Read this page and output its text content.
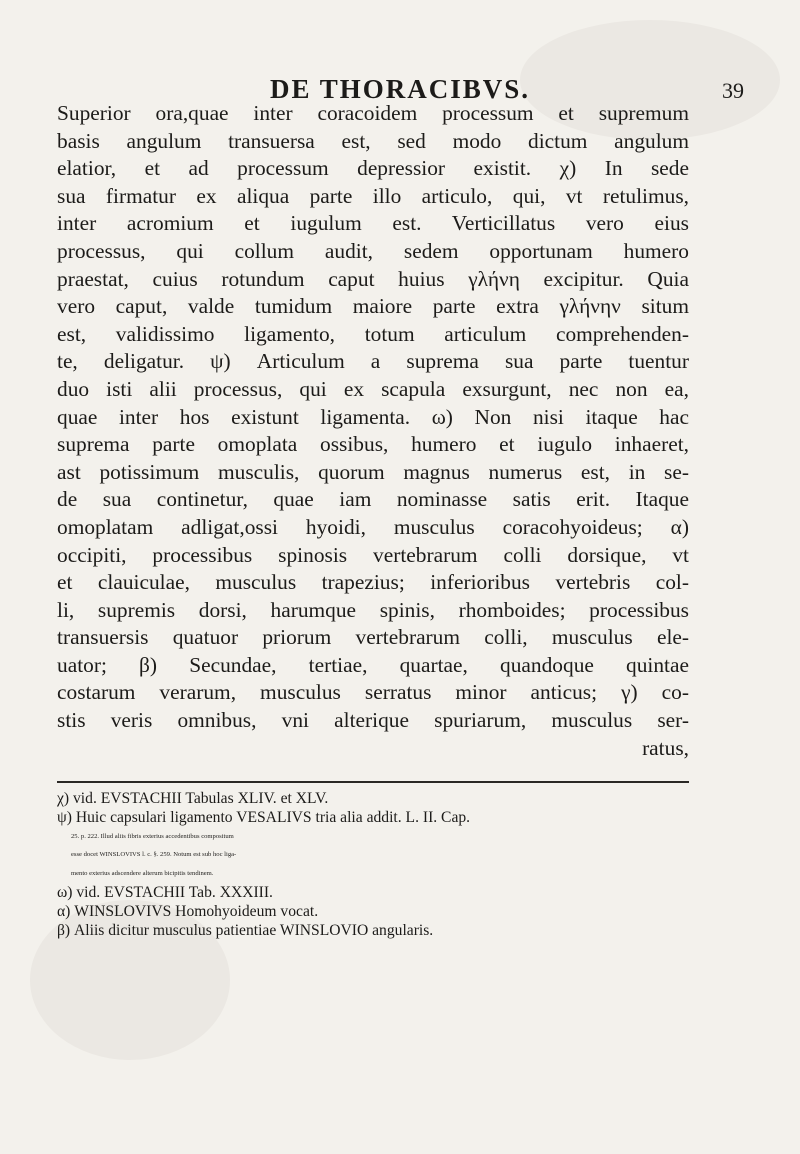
DE THORACIBVS.	39
Superior ora,quae inter coracoidem processum et supremum
basis angulum transuersa est, sed modo dictum angulum
elatior, et ad processum depressior existit. χ) In sede
sua firmatur ex aliqua parte illo articulo, qui, vt retulimus,
inter acromium et iugulum est. Verticillatus vero eius
processus, qui collum audit, sedem opportunam humero
praestat, cuius rotundum caput huius γλήνη excipitur. Quia
vero caput, valde tumidum maiore parte extra γλήνην situm
est, validissimo ligamento, totum articulum comprehenden-
te, deligatur. ψ) Articulum a suprema sua parte tuentur
duo isti alii processus, qui ex scapula exsurgunt, nec non ea,
quae inter hos existunt ligamenta. ω) Non nisi itaque hac
suprema parte omoplata ossibus, humero et iugulo inhaeret,
ast potissimum musculis, quorum magnus numerus est, in se-
de sua continetur, quae iam nominasse satis erit. Itaque
omoplatam adligat,ossi hyoidi, musculus coracohyoideus; α)
occipiti, processibus spinosis vertebrarum colli dorsique, vt
et clauiculae, musculus trapezius; inferioribus vertebris col-
li, supremis dorsi, harumque spinis, rhomboides; processibus
transuersis quatuor priorum vertebrarum colli, musculus ele-
uator; β) Secundae, tertiae, quartae, quandoque quintae
costarum verarum, musculus serratus minor anticus; γ) co-
stis veris omnibus, vni alterique spuriarum, musculus ser-
ratus,
χ) vid. EVSTACHII Tabulas XLIV. et XLV.
ψ) Huic capsulari ligamento VESALIVS tria alia addit. L. II. Cap.
25. p. 222. Illud aliis fibris exterius accedentibus compositum
esse docet WINSLOVIVS l. c. §. 259. Notum est sub hoc liga-
mento exterius adscendere alterum bicipitis tendinem.
ω) vid. EVSTACHII Tab. XXXIII.
α) WINSLOVIVS Homohyoideum vocat.
β) Aliis dicitur musculus patientiae WINSLOVIO angularis.
